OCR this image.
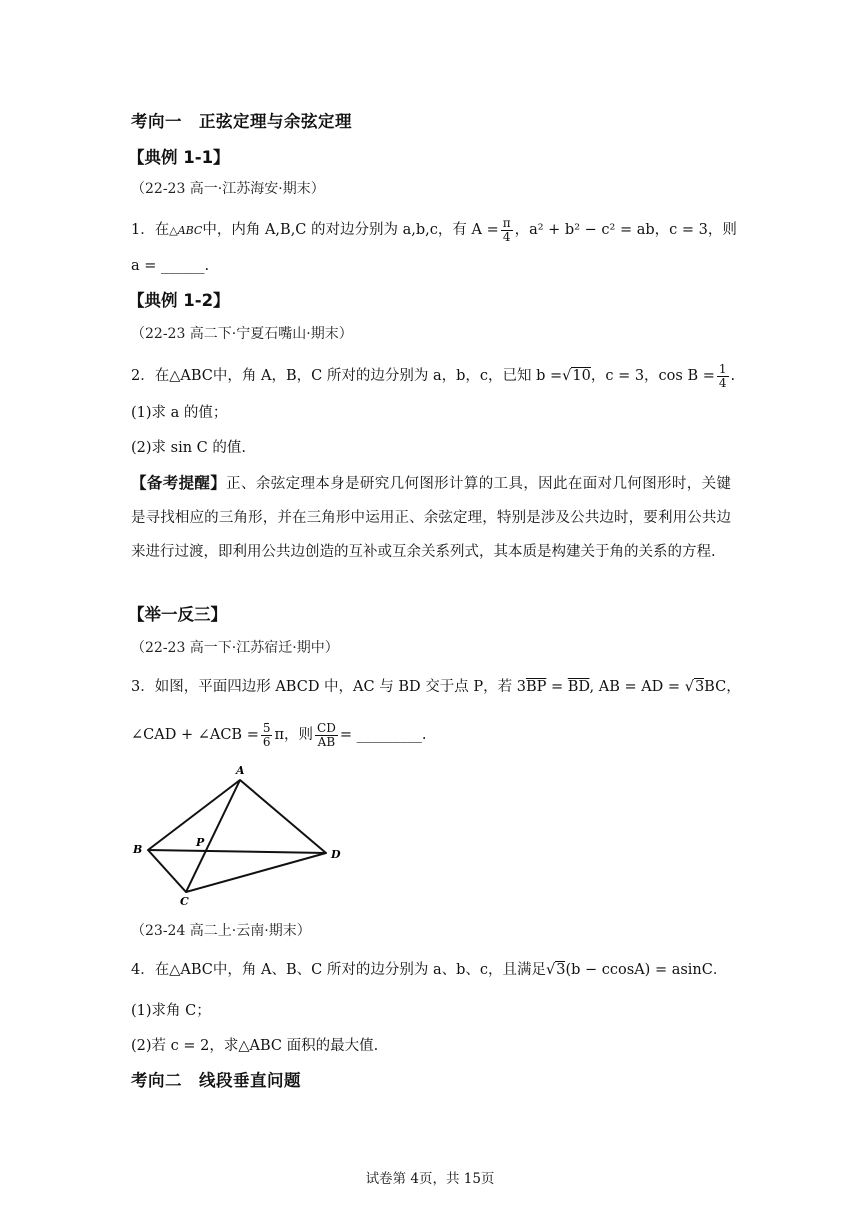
考向一　正弦定理与余弦定理
【典例 1-1】
（22-23 高一·江苏海安·期末）
1．在△ABC中，内角 A,B,C 的对边分别为 a,b,c，有 $A = \frac{\pi}{4}$ ，a² + b² − c² = ab，c = 3，则
a = ______.
【典例 1-2】
（22-23 高二下·宁夏石嘴山·期末）
2．在△ABC中，角 A，B，C 所对的边分别为 a，b，c，已知 b =√10，c = 3，$\cos B = \frac{1}{4}$ .
(1)求 a 的值；
(2)求 sin C 的值.
【备考提醒】正、余弦定理本身是研究几何图形计算的工具，因此在面对几何图形时，关键是寻找相应的三角形，并在三角形中运用正、余弦定理，特别是涉及公共边时，要利用公共边来进行过渡，即利用公共边创造的互补或互余关系列式，其本质是构建关于角的关系的方程.
【举一反三】
（22-23 高一下·江苏宿迁·期中）
3．如图，平面四边形 ABCD 中，AC 与 BD 交于点 P，若 $3\overline{BP} = \overline{BD}$, AB = AD = √3BC，
∠CAD + ∠ACB = $\frac{5}{6}$ π，则 $\frac{CD}{AB}$ = _________.
A
B
C
D
P
（23-24 高二上·云南·期末）
4．在△ABC中，角 A、B、C 所对的边分别为 a、b、c，且满足√3(b − ccosA) = asinC．
(1)求角 C；
(2)若 c = 2，求△ABC 面积的最大值.
考向二　线段垂直问题
试卷第 4页，共 15页
